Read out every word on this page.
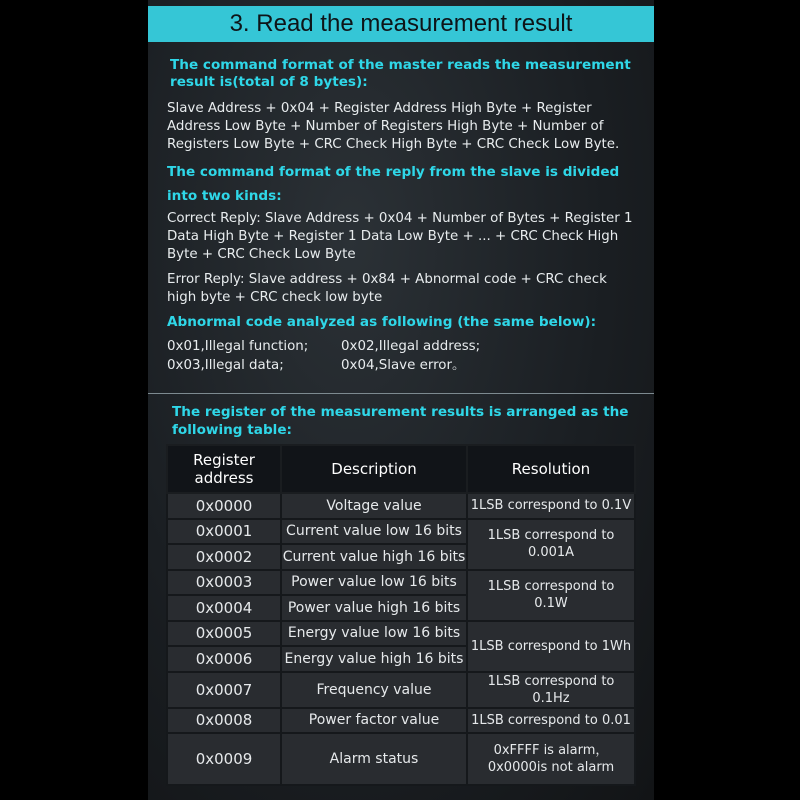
3. Read the measurement result
The command format of the master reads the measurement result is(total of 8 bytes):
Slave Address + 0x04 + Register Address High Byte + Register Address Low Byte + Number of Registers High Byte + Number of Registers Low Byte + CRC Check High Byte + CRC Check Low Byte.
The command format of the reply from the slave is divided into two kinds:
Correct Reply: Slave Address + 0x04 + Number of Bytes + Register 1 Data High Byte + Register 1 Data Low Byte + ... + CRC Check High Byte + CRC Check Low Byte
Error Reply: Slave address + 0x84 + Abnormal code + CRC check high byte + CRC check low byte
Abnormal code analyzed as following (the same below):
0x01,Illegal function; 0x02,Illegal address;
0x03,Illegal data;	0x04,Slave error。
The register of the measurement results is arranged as the following table:
Register address	Description	Resolution
0x0000	Voltage value	1LSB correspond to 0.1V
0x0001	Current value low 16 bits	1LSB correspond to 0.001A
0x0002	Current value high 16 bits	
0x0003	Power value low 16 bits	1LSB correspond to 0.1W
0x0004	Power value high 16 bits	
0x0005	Energy value low 16 bits	1LSB correspond to 1Wh
0x0006	Energy value high 16 bits	
0x0007	Frequency value	1LSB correspond to 0.1Hz
0x0008	Power factor value	1LSB correspond to 0.01
0x0009	Alarm status	0xFFFF is alarm，0x0000is not alarm
